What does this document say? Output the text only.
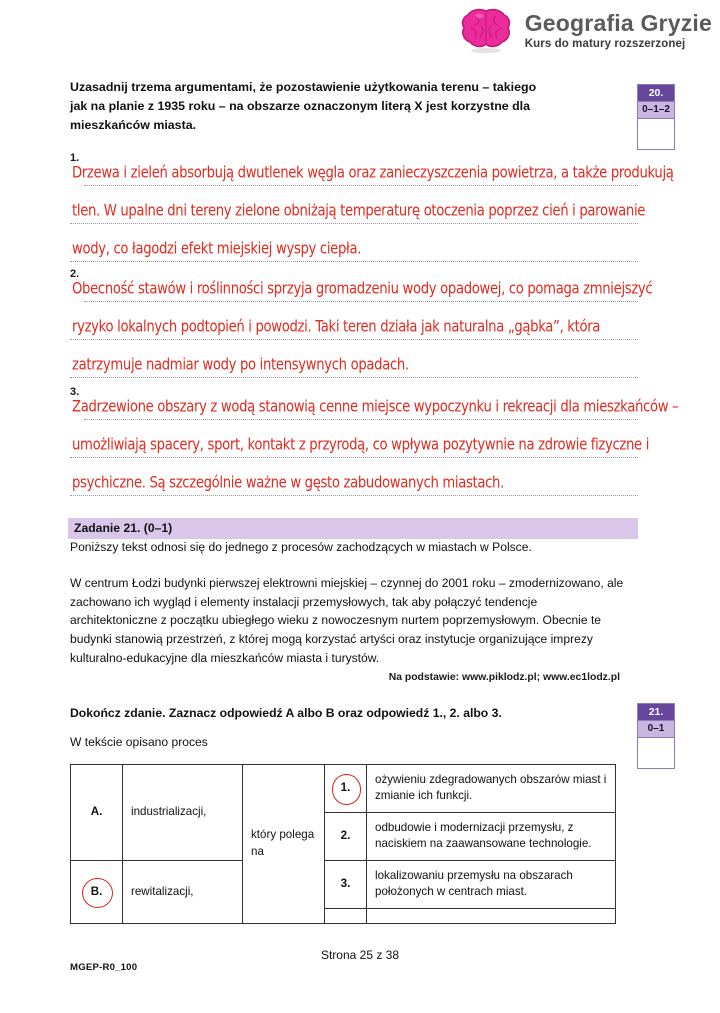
Geografia Gryzie
Kurs do matury rozszerzonej
Uzasadnij trzema argumentami, że pozostawienie użytkowania terenu – takiego jak na planie z 1935 roku – na obszarze oznaczonym literą X jest korzystne dla mieszkańców miasta.
20.
0–1–2
1.
Drzewa i zieleń absorbują dwutlenek węgla oraz zanieczyszczenia powietrza, a także produkują
tlen. W upalne dni tereny zielone obniżają temperaturę otoczenia poprzez cień i parowanie
wody, co łagodzi efekt miejskiej wyspy ciepła.
2.
Obecność stawów i roślinności sprzyja gromadzeniu wody opadowej, co pomaga zmniejszyć
ryzyko lokalnych podtopień i powodzi. Taki teren działa jak naturalna „gąbka”, która
zatrzymuje nadmiar wody po intensywnych opadach.
3.
Zadrzewione obszary z wodą stanowią cenne miejsce wypoczynku i rekreacji dla mieszkańców –
umożliwiają spacery, sport, kontakt z przyrodą, co wpływa pozytywnie na zdrowie fizyczne i
psychiczne. Są szczególnie ważne w gęsto zabudowanych miastach.
Zadanie 21. (0–1)
Poniższy tekst odnosi się do jednego z procesów zachodzących w miastach w Polsce.
W centrum Łodzi budynki pierwszej elektrowni miejskiej – czynnej do 2001 roku – zmodernizowano, ale zachowano ich wygląd i elementy instalacji przemysłowych, tak aby połączyć tendencje architektoniczne z początku ubiegłego wieku z nowoczesnym nurtem poprzemysłowym. Obecnie te budynki stanowią przestrzeń, z której mogą korzystać artyści oraz instytucje organizujące imprezy kulturalno-edukacyjne dla mieszkańców miasta i turystów.
Na podstawie: www.piklodz.pl; www.ec1lodz.pl
Dokończ zdanie. Zaznacz odpowiedź A albo B oraz odpowiedź 1., 2. albo 3.
W tekście opisano proces
21.
0–1
A.	industrializacji,	który polega na	1.	ożywieniu zdegradowanych obszarów miast i zmianie ich funkcji.
			2.	odbudowie i modernizacji przemysłu, z naciskiem na zaawansowane technologie.
B.	rewitalizacji,		3.	lokalizowaniu przemysłu na obszarach położonych w centrach miast.

Strona 25 z 38
MGEP-R0_100
